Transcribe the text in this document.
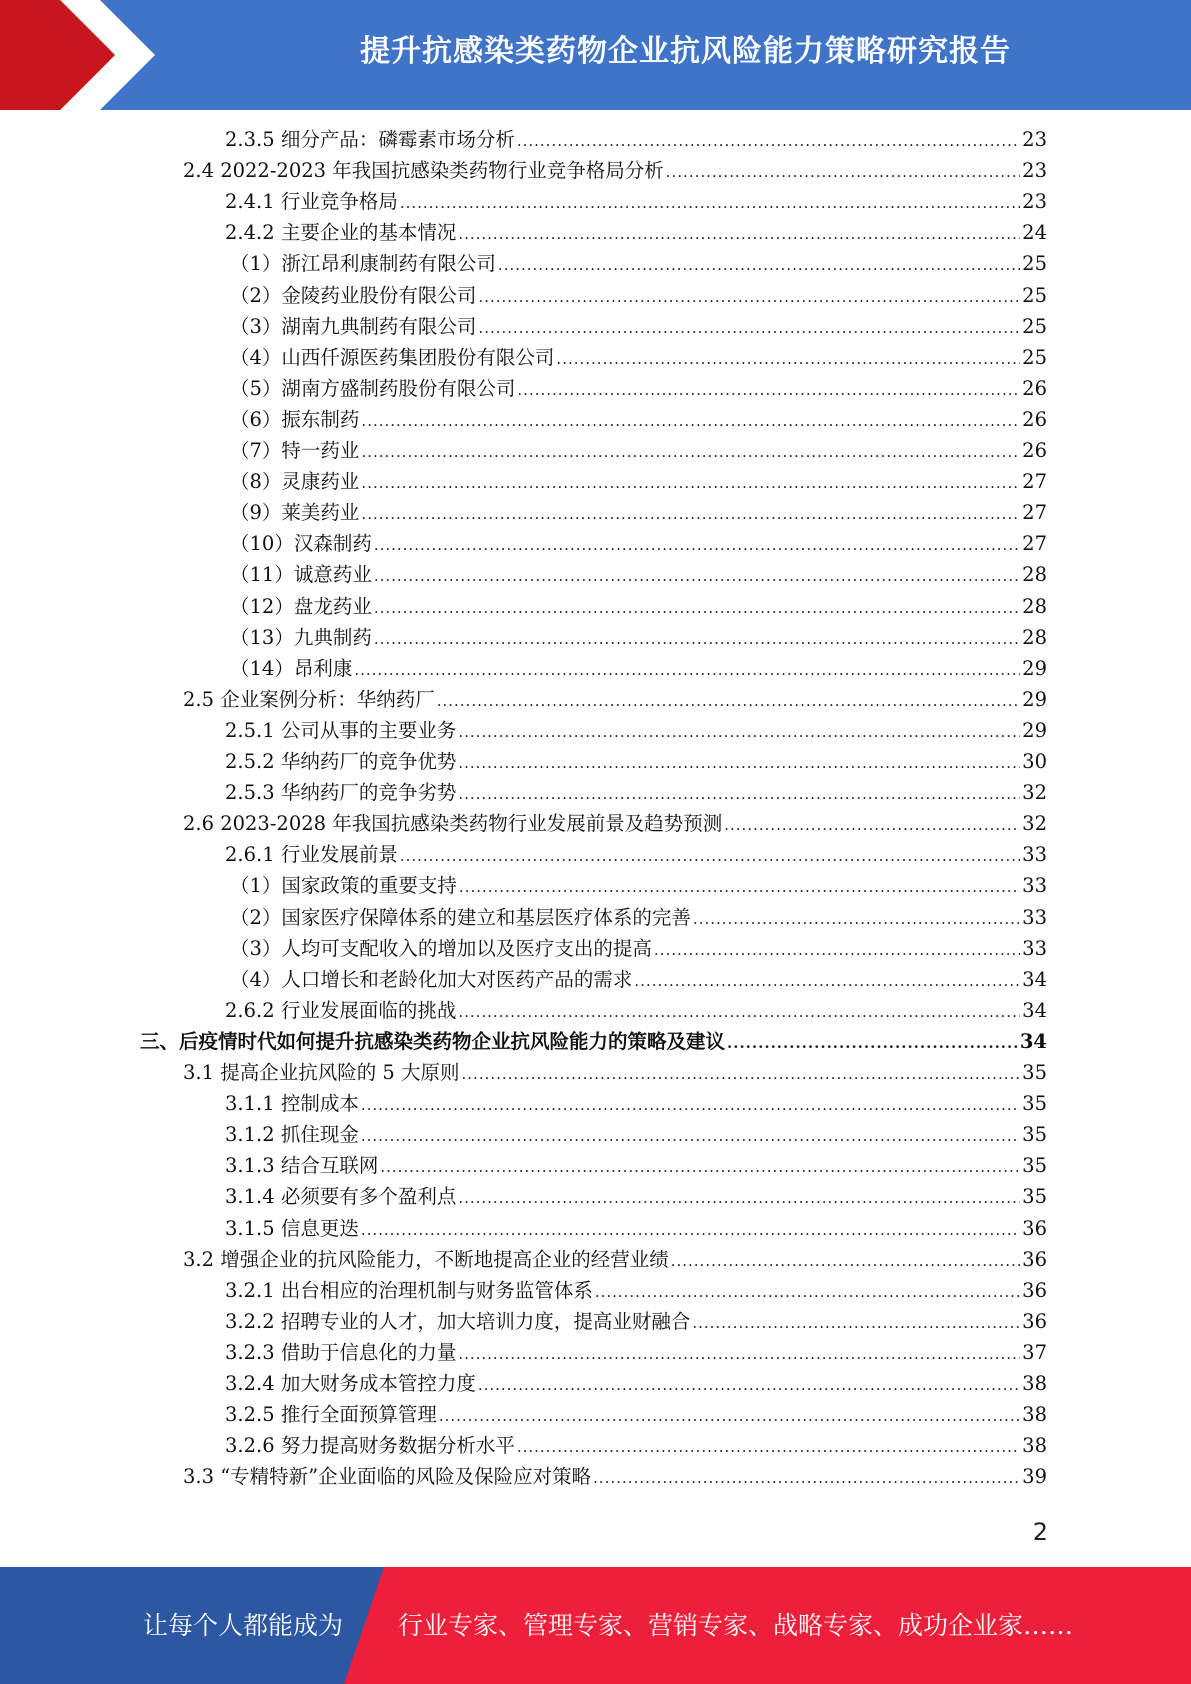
提升抗感染类药物企业抗风险能力策略研究报告
2.3.5 细分产品：磷霉素市场分析 .....	23
2.4 2022-2023 年我国抗感染类药物行业竞争格局分析 .....	23
2.4.1 行业竞争格局 .....	23
2.4.2 主要企业的基本情况 .....	24
（1）浙江昂利康制药有限公司 .....	25
（2）金陵药业股份有限公司 .....	25
（3）湖南九典制药有限公司 .....	25
（4）山西仟源医药集团股份有限公司 .....	25
（5）湖南方盛制药股份有限公司 .....	26
（6）振东制药 .....	26
（7）特一药业 .....	26
（8）灵康药业 .....	27
（9）莱美药业 .....	27
（10）汉森制药 .....	27
（11）诚意药业 .....	28
（12）盘龙药业 .....	28
（13）九典制药 .....	28
（14）昂利康 .....	29
2.5 企业案例分析：华纳药厂 .....	29
2.5.1 公司从事的主要业务 .....	29
2.5.2 华纳药厂的竞争优势 .....	30
2.5.3 华纳药厂的竞争劣势 .....	32
2.6 2023-2028 年我国抗感染类药物行业发展前景及趋势预测 .....	32
2.6.1 行业发展前景 .....	33
（1）国家政策的重要支持 .....	33
（2）国家医疗保障体系的建立和基层医疗体系的完善 .....	33
（3）人均可支配收入的增加以及医疗支出的提高 .....	33
（4）人口增长和老龄化加大对医药产品的需求 .....	34
2.6.2 行业发展面临的挑战 .....	34
三、后疫情时代如何提升抗感染类药物企业抗风险能力的策略及建议 .....	34
3.1 提高企业抗风险的 5 大原则 .....	35
3.1.1 控制成本 .....	35
3.1.2 抓住现金 .....	35
3.1.3 结合互联网 .....	35
3.1.4 必须要有多个盈利点 .....	35
3.1.5 信息更迭 .....	36
3.2 增强企业的抗风险能力，不断地提高企业的经营业绩 .....	36
3.2.1 出台相应的治理机制与财务监管体系 .....	36
3.2.2 招聘专业的人才，加大培训力度，提高业财融合 .....	36
3.2.3 借助于信息化的力量 .....	37
3.2.4 加大财务成本管控力度 .....	38
3.2.5 推行全面预算管理 .....	38
3.2.6 努力提高财务数据分析水平 .....	38
3.3 “专精特新”企业面临的风险及保险应对策略 .....	39
2
让每个人都能成为 行业专家、管理专家、营销专家、战略专家、成功企业家……
